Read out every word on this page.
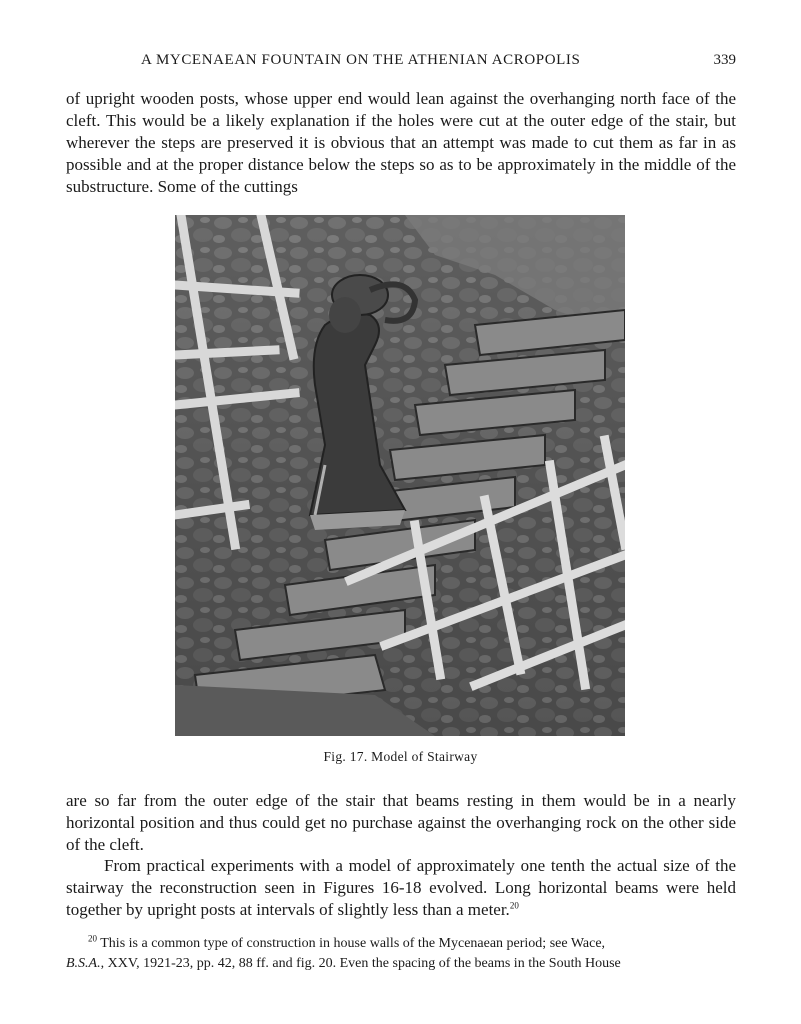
A MYCENAEAN FOUNTAIN ON THE ATHENIAN ACROPOLIS	339

of upright wooden posts, whose upper end would lean against the overhanging north face of the cleft. This would be a likely explanation if the holes were cut at the outer edge of the stair, but wherever the steps are preserved it is obvious that an attempt was made to cut them as far in as possible and at the proper distance below the steps so as to be approximately in the middle of the substructure. Some of the cuttings

Fig. 17. Model of Stairway

are so far from the outer edge of the stair that beams resting in them would be in a nearly horizontal position and thus could get no purchase against the overhanging rock on the other side of the cleft.

From practical experiments with a model of approximately one tenth the actual size of the stairway the reconstruction seen in Figures 16-18 evolved. Long horizontal beams were held together by upright posts at intervals of slightly less than a meter.$^{20}$

$^{20}$ This is a common type of construction in house walls of the Mycenaean period; see Wace,
B.S.A., XXV, 1921-23, pp. 42, 88 ff. and fig. 20. Even the spacing of the beams in the South House
